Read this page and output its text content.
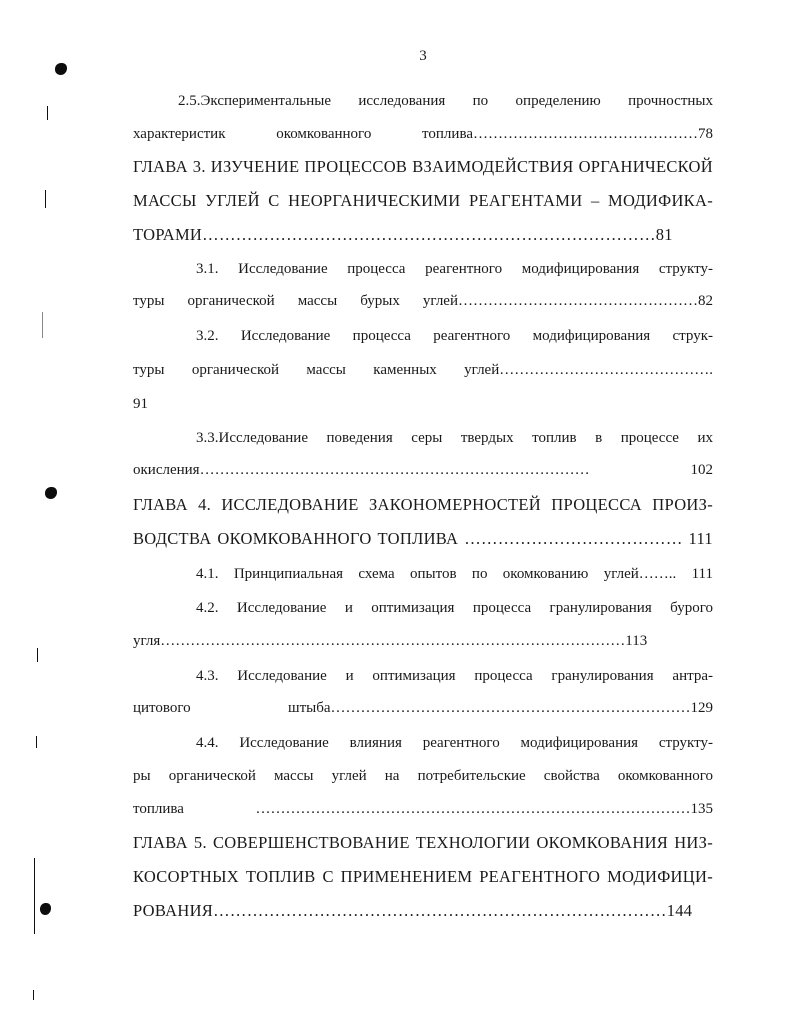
3
2.5.Экспериментальные исследования по определению прочностных
характеристик окомкованного топлива………………………………………78
ГЛАВА 3. ИЗУЧЕНИЕ ПРОЦЕССОВ ВЗАИМОДЕЙСТВИЯ ОРГАНИЧЕСКОЙ
МАССЫ УГЛЕЙ С НЕОРГАНИЧЕСКИМИ РЕАГЕНТАМИ – МОДИФИКА-
ТОРАМИ………………………………………………………………………81
3.1. Исследование процесса реагентного модифицирования структу-
туры органической массы бурых углей…………………………………………82
3.2. Исследование процесса реагентного модифицирования струк-
туры органической массы каменных углей…………………………………….
91
3.3.Исследование поведения серы твердых топлив в процессе их
окисления…………………………………………………………………… 102
ГЛАВА 4. ИССЛЕДОВАНИЕ ЗАКОНОМЕРНОСТЕЙ ПРОЦЕССА ПРОИЗ-
ВОДСТВА ОКОМКОВАННОГО ТОПЛИВА ………………………………… 111
4.1. Принципиальная схема опытов по окомкованию углей…….. 111
4.2. Исследование и оптимизация процесса гранулирования бурого
угля…………………………………………………………………………………113
4.3. Исследование и оптимизация процесса гранулирования антра-
цитового штыба………………………………………………………………129
4.4. Исследование влияния реагентного модифицирования структу-
ры органической массы углей на потребительские свойства окомкованного
топлива ……………………………………………………………………………135
ГЛАВА 5. СОВЕРШЕНСТВОВАНИЕ ТЕХНОЛОГИИ ОКОМКОВАНИЯ НИЗ-
КОСОРТНЫХ ТОПЛИВ С ПРИМЕНЕНИЕМ РЕАГЕНТНОГО МОДИФИЦИ-
РОВАНИЯ………………………………………………………………………144
